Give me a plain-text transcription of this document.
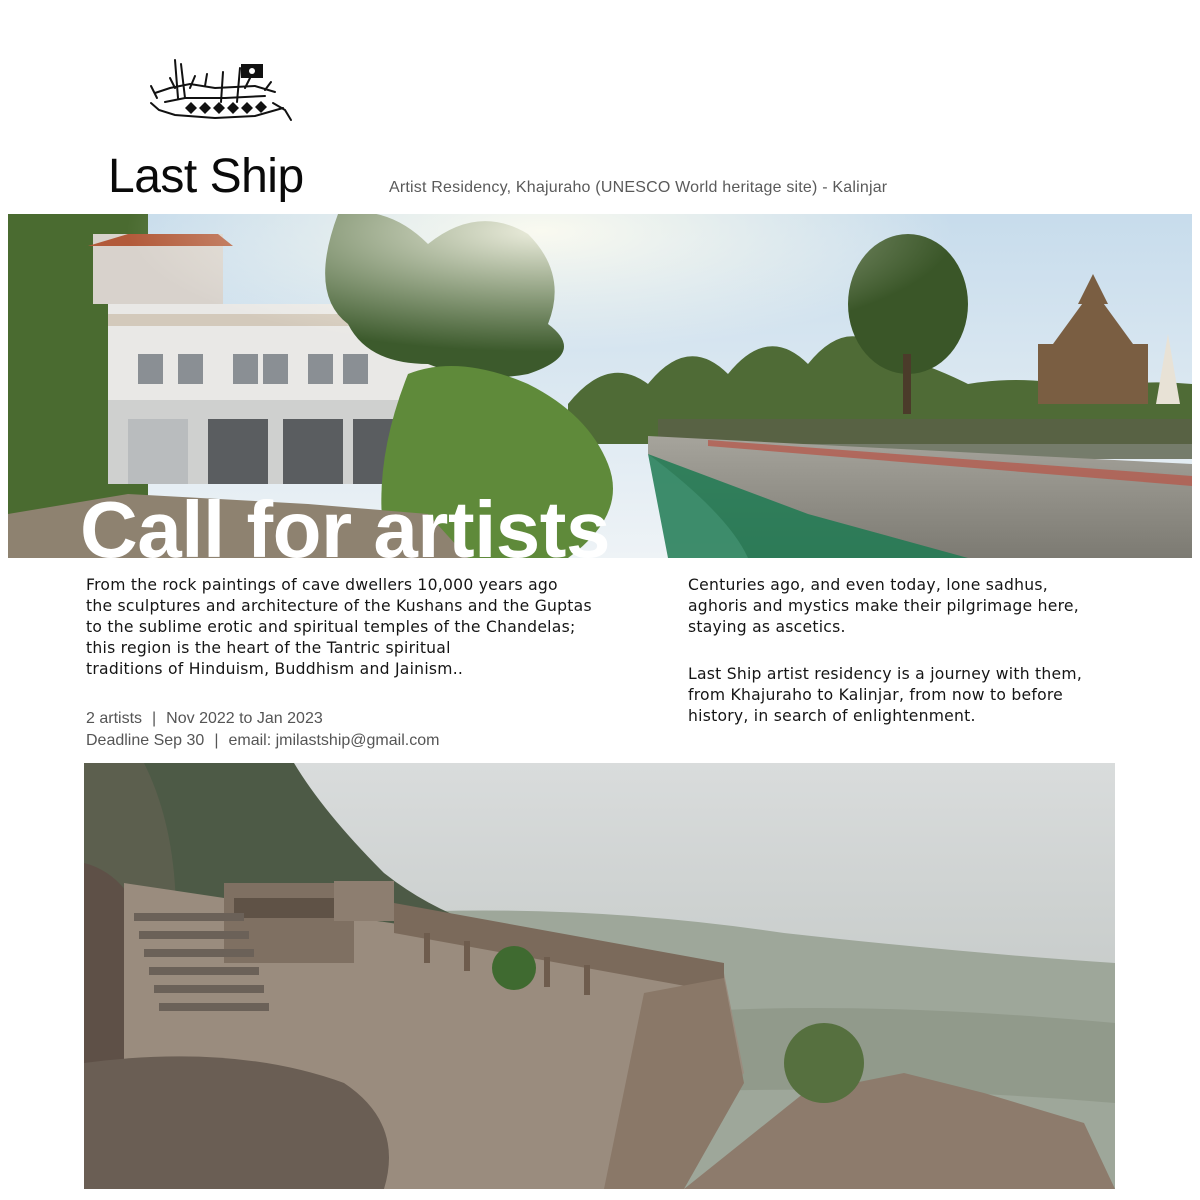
Last Ship	Artist Residency, Khajuraho (UNESCO World heritage site) - Kalinjar
Call for artists
From the rock paintings of cave dwellers 10,000 years ago
the sculptures and architecture of the Kushans and the Guptas
to the sublime erotic and spiritual temples of the Chandelas;
this region is the heart of the Tantric spiritual
traditions of Hinduism, Buddhism and Jainism..
2 artists | Nov 2022 to Jan 2023
Deadline Sep 30 | email: jmilastship@gmail.com
Centuries ago, and even today, lone sadhus,
aghoris and mystics make their pilgrimage here,
staying as ascetics.
Last Ship artist residency is a journey with them,
from Khajuraho to Kalinjar, from now to before
history, in search of enlightenment.
